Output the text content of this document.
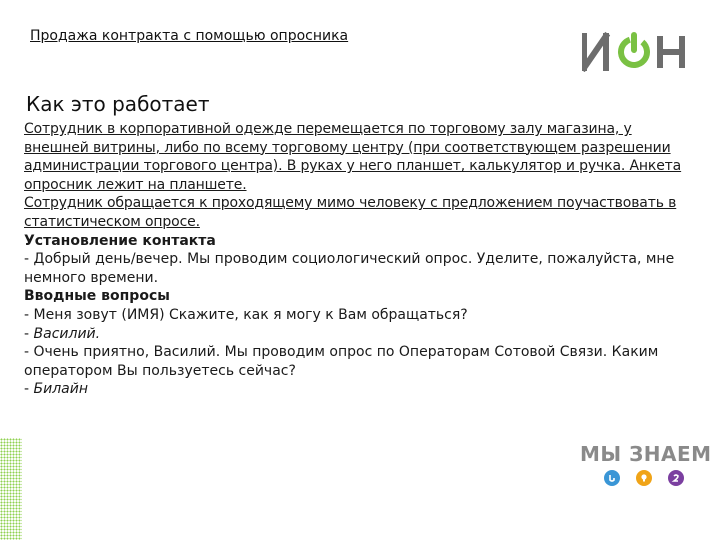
Продажа контракта с помощью опросника
Как это работает

Сотрудник в корпоративной одежде перемещается по торговому залу магазина, у внешней витрины, либо по всему торговому центру (при соответствующем разрешении администрации торгового центра). В руках у него планшет, калькулятор и ручка. Анкета опросник лежит на планшете.

Сотрудник обращается к проходящему мимо человеку с предложением поучаствовать в статистическом опросе.

Установление контакта

- Добрый день/вечер. Мы проводим социологический опрос. Уделите, пожалуйста, мне немного времени.

Вводные вопросы

- Меня зовут (ИМЯ) Скажите, как я могу к Вам обращаться?

- Василий.

- Очень приятно, Василий. Мы проводим опрос по Операторам Сотовой Связи. Каким оператором Вы пользуетесь сейчас?

- Билайн

МЫ ЗНАЕМ
